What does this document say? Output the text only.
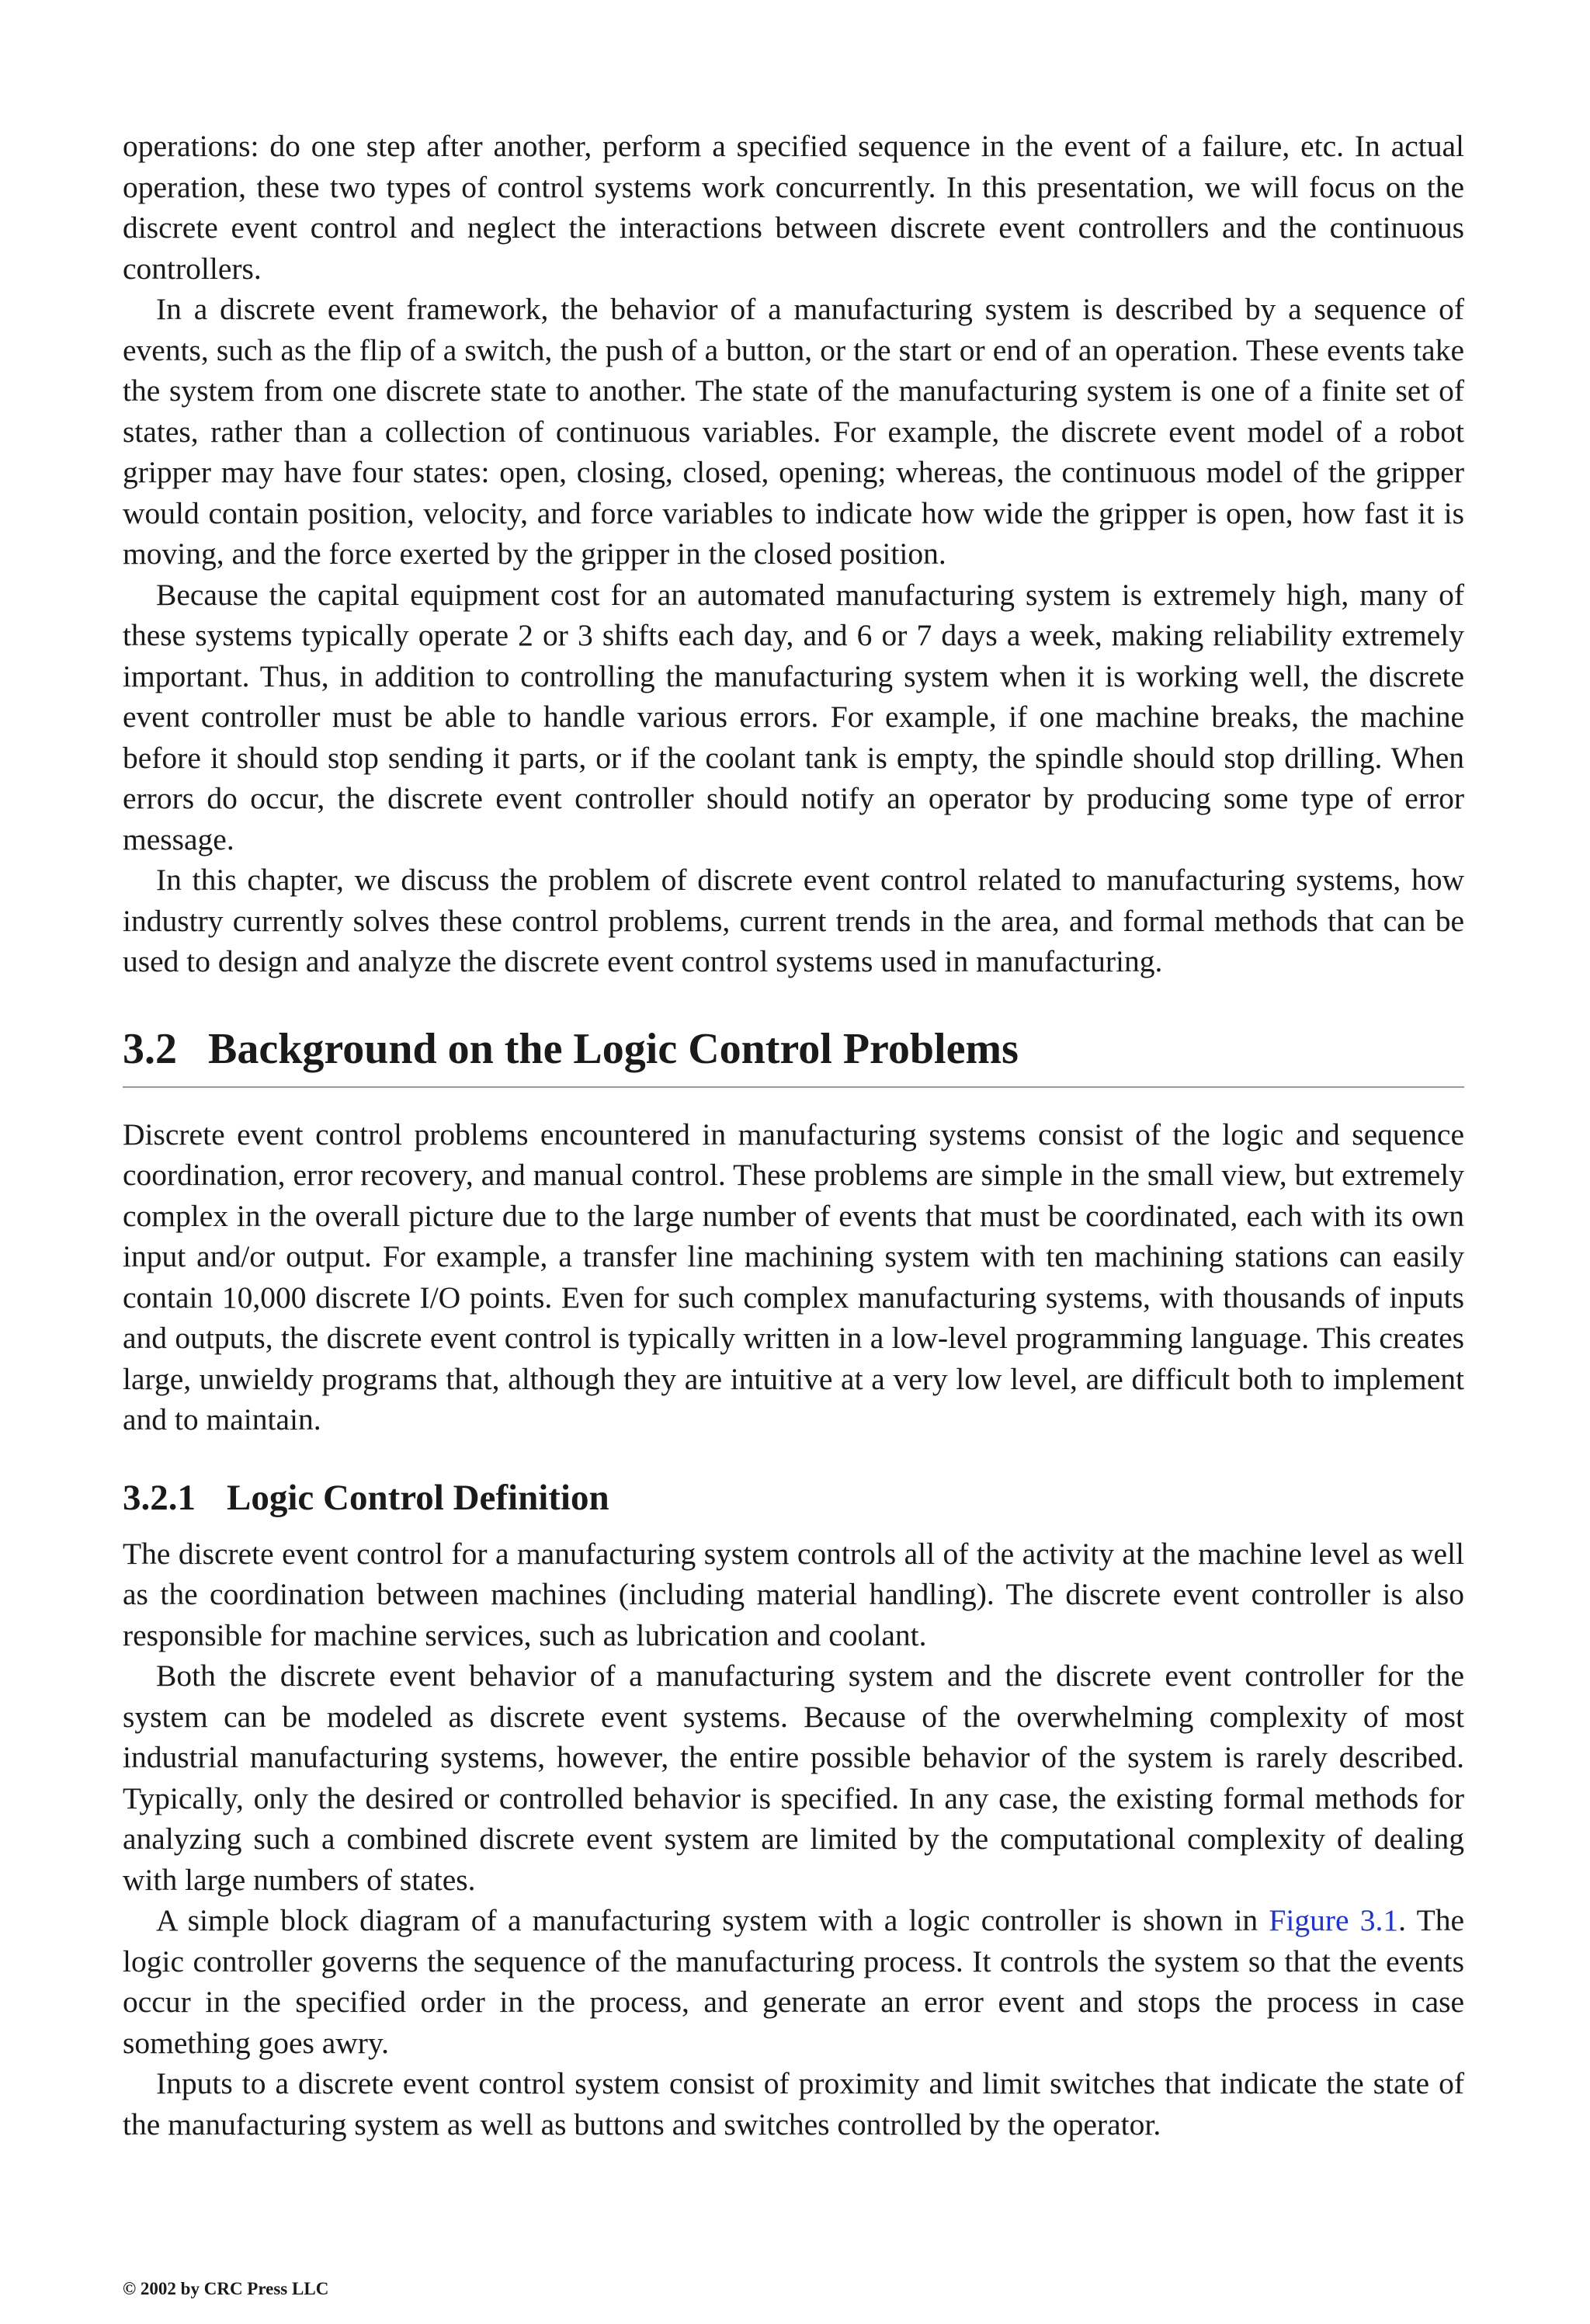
operations: do one step after another, perform a specified sequence in the event of a failure, etc. In actual operation, these two types of control systems work concurrently. In this presentation, we will focus on the discrete event control and neglect the interactions between discrete event controllers and the continuous controllers.

In a discrete event framework, the behavior of a manufacturing system is described by a sequence of events, such as the flip of a switch, the push of a button, or the start or end of an operation. These events take the system from one discrete state to another. The state of the manufacturing system is one of a finite set of states, rather than a collection of continuous variables. For example, the discrete event model of a robot gripper may have four states: open, closing, closed, opening; whereas, the continuous model of the gripper would contain position, velocity, and force variables to indicate how wide the gripper is open, how fast it is moving, and the force exerted by the gripper in the closed position.

Because the capital equipment cost for an automated manufacturing system is extremely high, many of these systems typically operate 2 or 3 shifts each day, and 6 or 7 days a week, making reliability extremely important. Thus, in addition to controlling the manufacturing system when it is working well, the discrete event controller must be able to handle various errors. For example, if one machine breaks, the machine before it should stop sending it parts, or if the coolant tank is empty, the spindle should stop drilling. When errors do occur, the discrete event controller should notify an operator by producing some type of error message.

In this chapter, we discuss the problem of discrete event control related to manufacturing systems, how industry currently solves these control problems, current trends in the area, and formal methods that can be used to design and analyze the discrete event control systems used in manufacturing.

3.2 Background on the Logic Control Problems

Discrete event control problems encountered in manufacturing systems consist of the logic and sequence coordination, error recovery, and manual control. These problems are simple in the small view, but extremely complex in the overall picture due to the large number of events that must be coordinated, each with its own input and/or output. For example, a transfer line machining system with ten machining stations can easily contain 10,000 discrete I/O points. Even for such complex manufacturing systems, with thousands of inputs and outputs, the discrete event control is typically written in a low-level programming language. This creates large, unwieldy programs that, although they are intuitive at a very low level, are difficult both to implement and to maintain.

3.2.1 Logic Control Definition

The discrete event control for a manufacturing system controls all of the activity at the machine level as well as the coordination between machines (including material handling). The discrete event controller is also responsible for machine services, such as lubrication and coolant.

Both the discrete event behavior of a manufacturing system and the discrete event controller for the system can be modeled as discrete event systems. Because of the overwhelming complexity of most industrial manufacturing systems, however, the entire possible behavior of the system is rarely described. Typically, only the desired or controlled behavior is specified. In any case, the existing formal methods for analyzing such a combined discrete event system are limited by the computational complexity of dealing with large numbers of states.

A simple block diagram of a manufacturing system with a logic controller is shown in Figure 3.1. The logic controller governs the sequence of the manufacturing process. It controls the system so that the events occur in the specified order in the process, and generate an error event and stops the process in case something goes awry.

Inputs to a discrete event control system consist of proximity and limit switches that indicate the state of the manufacturing system as well as buttons and switches controlled by the operator.

© 2002 by CRC Press LLC
